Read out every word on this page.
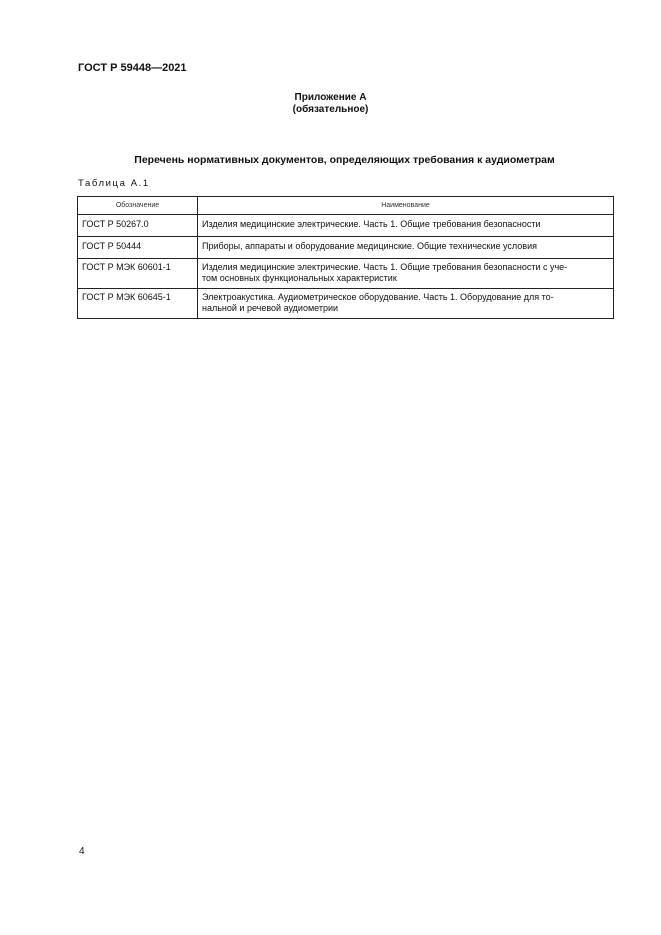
ГОСТ Р 59448—2021
Приложение А
(обязательное)
Перечень нормативных документов, определяющих требования к аудиометрам
Таблица А.1
Обозначение	Наименование
ГОСТ Р 50267.0	Изделия медицинские электрические. Часть 1. Общие требования безопасности
ГОСТ Р 50444	Приборы, аппараты и оборудование медицинские. Общие технические условия
ГОСТ Р МЭК 60601-1	Изделия медицинские электрические. Часть 1. Общие требования безопасности с уче-
том основных функциональных характеристик
ГОСТ Р МЭК 60645-1	Электроакустика. Аудиометрическое оборудование. Часть 1. Оборудование для то-
нальной и речевой аудиометрии
4
